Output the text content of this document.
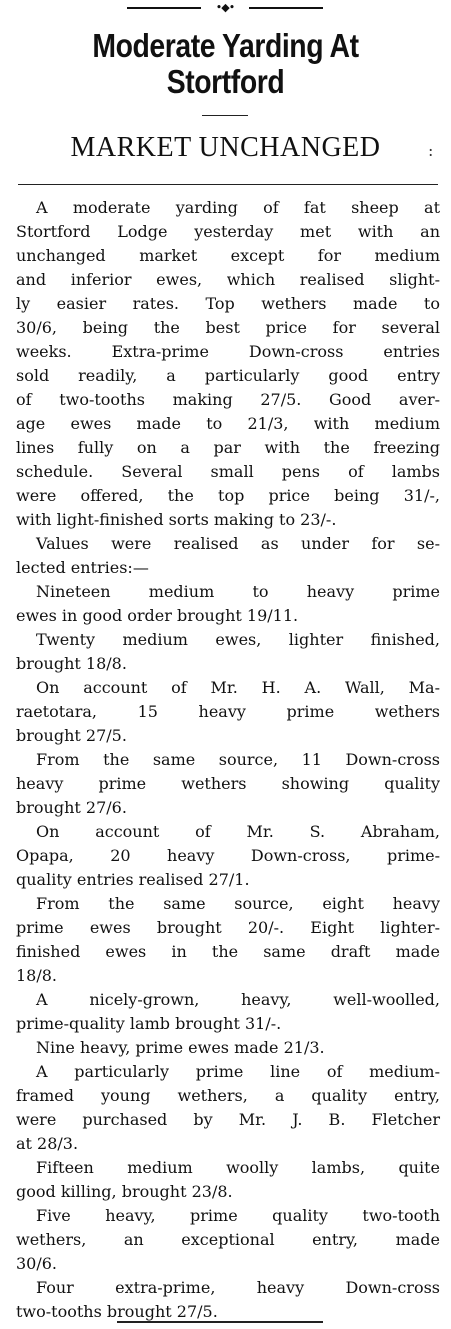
•◆•
Moderate Yarding At
Stortford
MARKET UNCHANGED	:
A moderate yarding of fat sheep at
Stortford Lodge yesterday met with an
unchanged market except for medium
and inferior ewes, which realised slight-
ly easier rates. Top wethers made to
30/6, being the best price for several
weeks. Extra-prime Down-cross entries
sold readily, a particularly good entry
of two-tooths making 27/5. Good aver-
age ewes made to 21/3, with medium
lines fully on a par with the freezing
schedule. Several small pens of lambs
were offered, the top price being 31/-,
with light-finished sorts making to 23/-.
Values were realised as under for se-
lected entries:—
Nineteen medium to heavy prime
ewes in good order brought 19/11.
Twenty medium ewes, lighter finished,
brought 18/8.
On account of Mr. H. A. Wall, Ma-
raetotara, 15 heavy prime wethers
brought 27/5.
From the same source, 11 Down-cross
heavy prime wethers showing quality
brought 27/6.
On account of Mr. S. Abraham,
Opapa, 20 heavy Down-cross, prime-
quality entries realised 27/1.
From the same source, eight heavy
prime ewes brought 20/-. Eight lighter-
finished ewes in the same draft made
18/8.
A nicely-grown, heavy, well-woolled,
prime-quality lamb brought 31/-.
Nine heavy, prime ewes made 21/3.
A particularly prime line of medium-
framed young wethers, a quality entry,
were purchased by Mr. J. B. Fletcher
at 28/3.
Fifteen medium woolly lambs, quite
good killing, brought 23/8.
Five heavy, prime quality two-tooth
wethers, an exceptional entry, made
30/6.
Four extra-prime, heavy Down-cross
two-tooths brought 27/5.
